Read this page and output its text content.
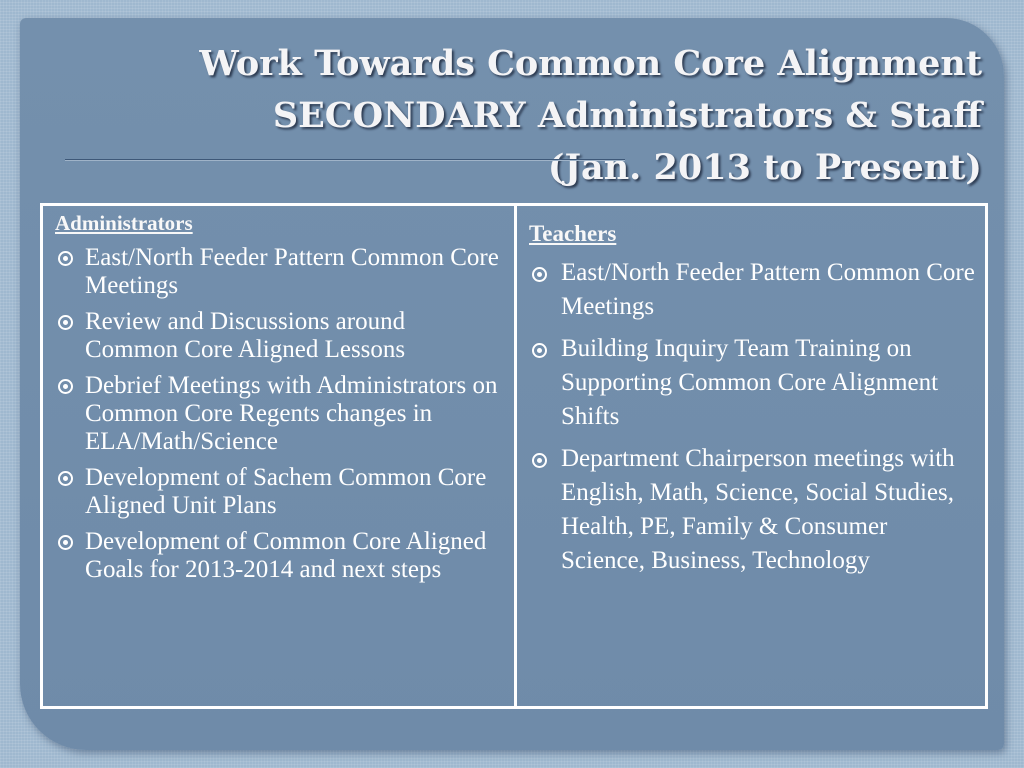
Work Towards Common Core Alignment
SECONDARY Administrators & Staff
(Jan. 2013 to Present)
Administrators
East/North Feeder Pattern Common Core Meetings
Review and Discussions around Common Core Aligned Lessons
Debrief Meetings with Administrators on Common Core Regents changes in ELA/Math/Science
Development of Sachem Common Core Aligned Unit Plans
Development of Common Core Aligned Goals for 2013-2014 and next steps
Teachers
East/North Feeder Pattern Common Core Meetings
Building Inquiry Team Training on Supporting Common Core Alignment Shifts
Department Chairperson meetings with English, Math, Science, Social Studies, Health, PE, Family & Consumer Science, Business, Technology
